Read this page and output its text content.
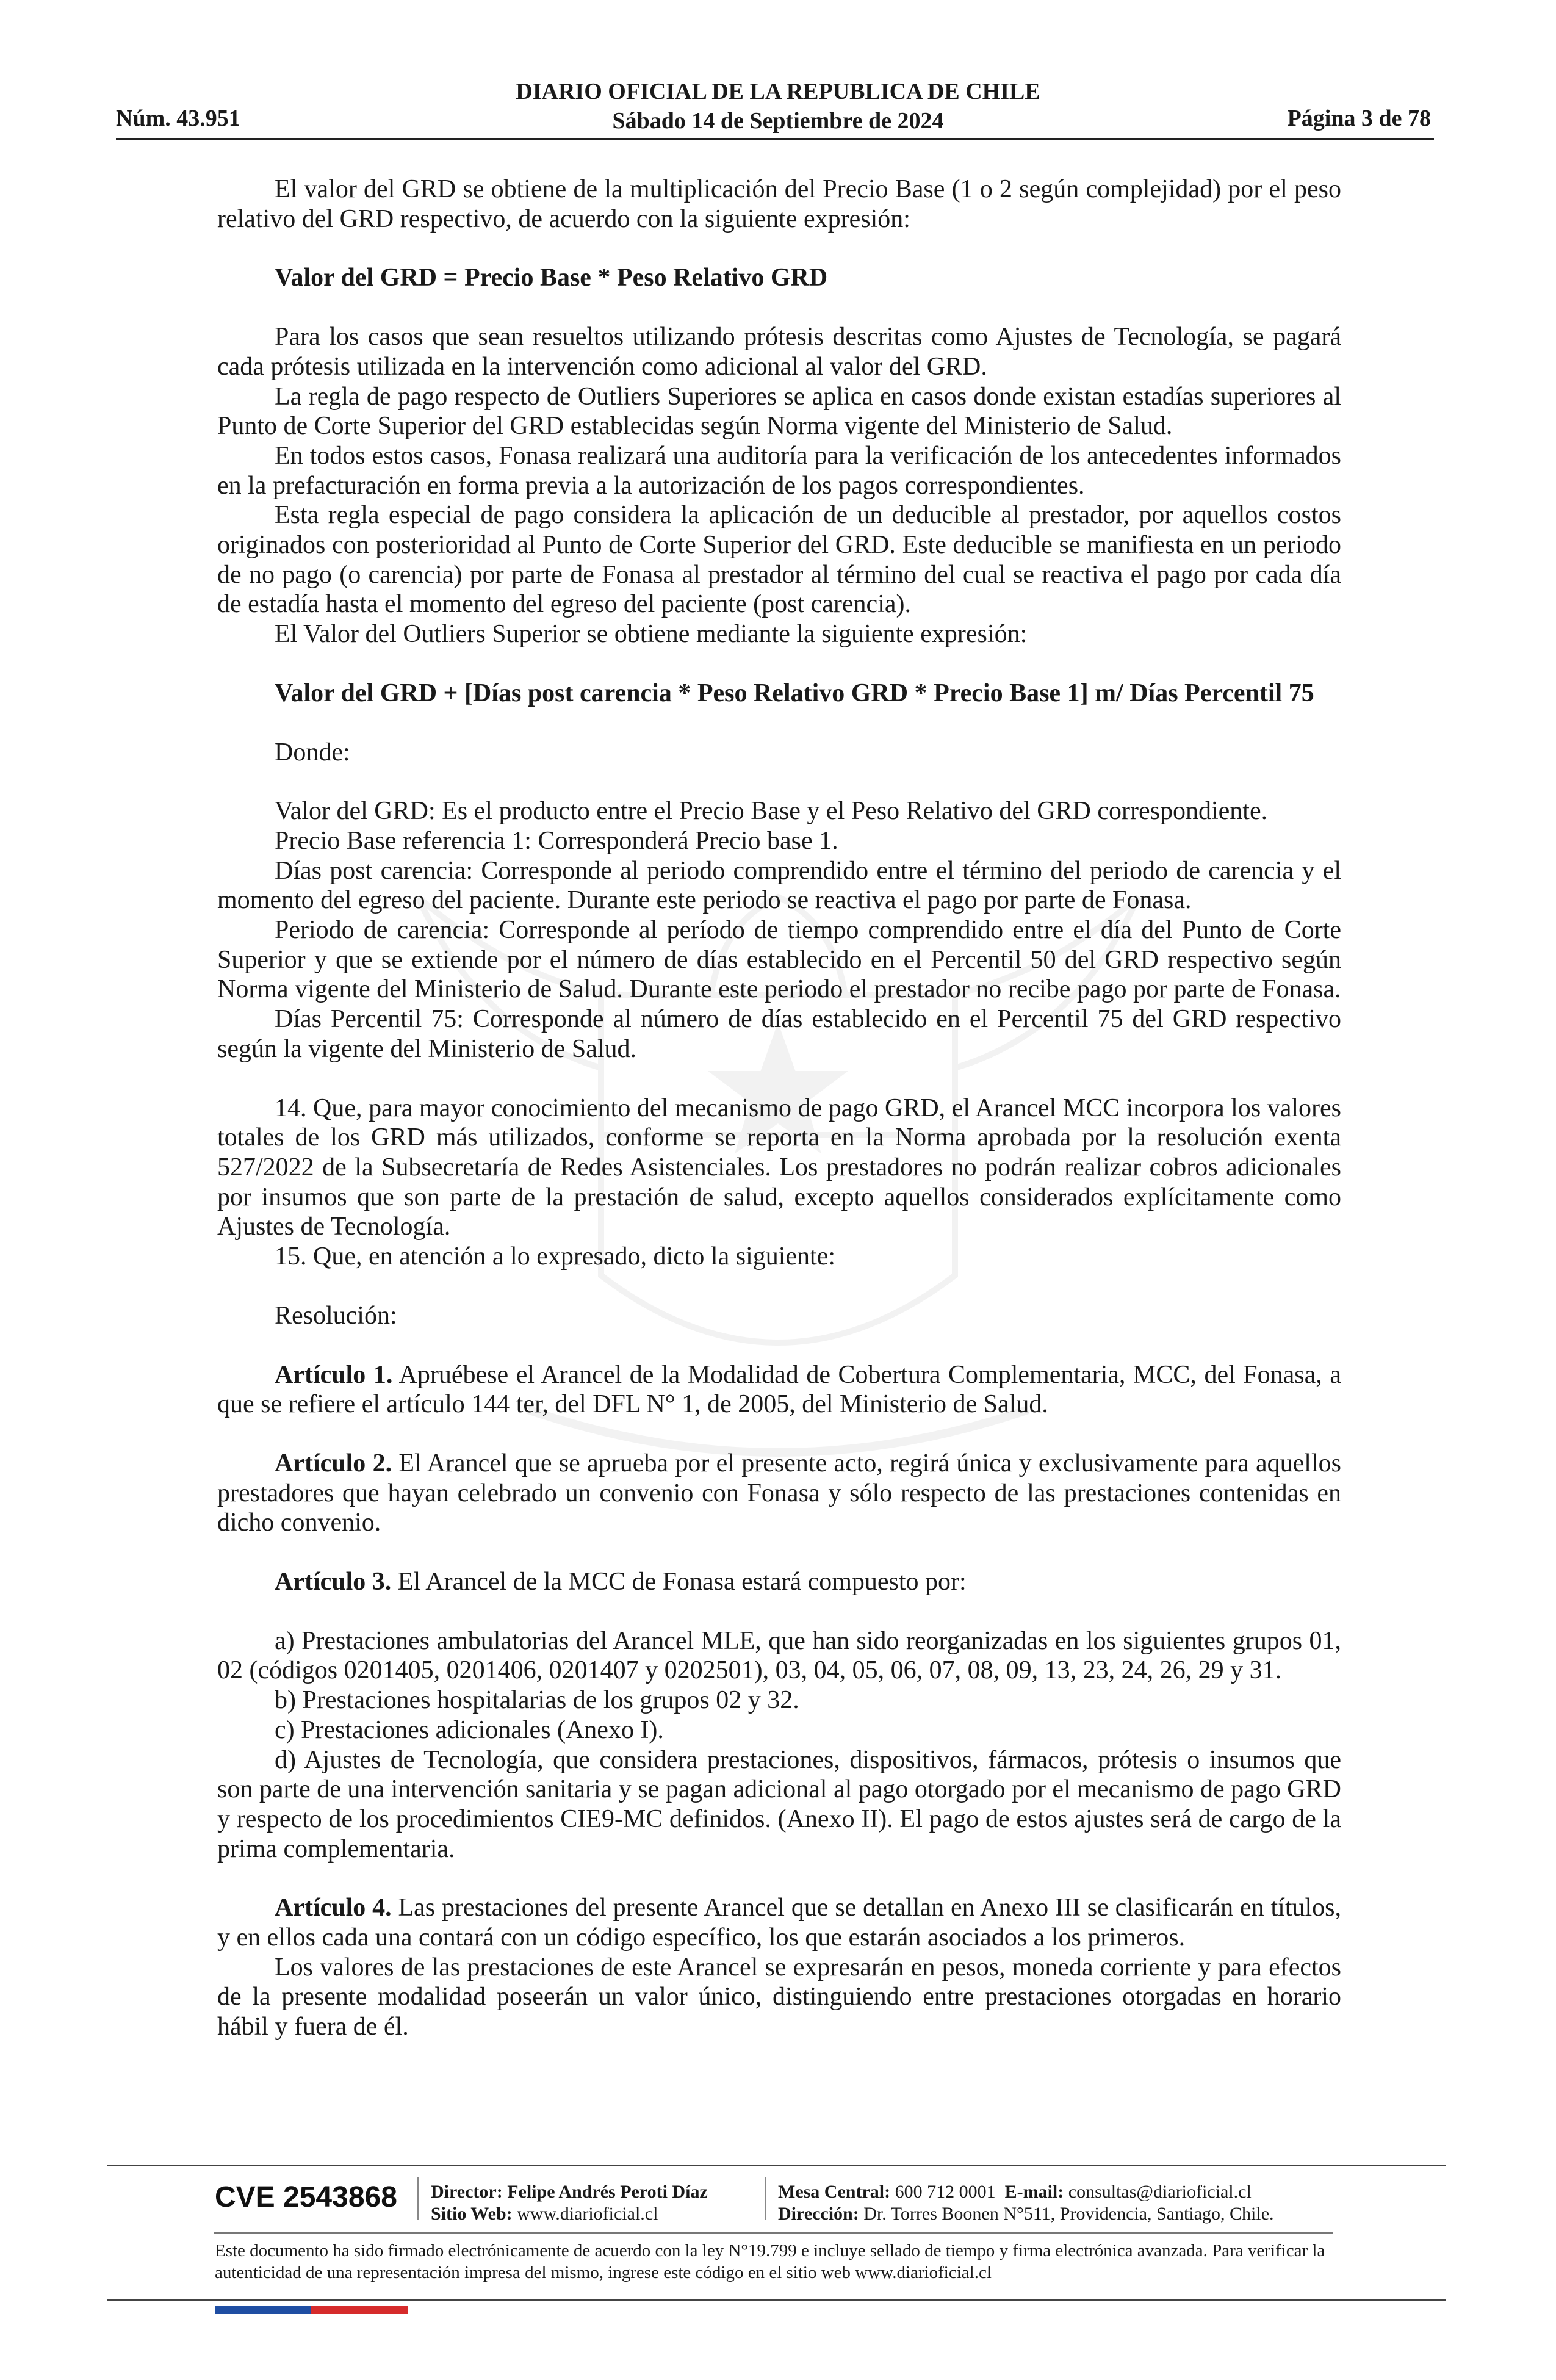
DIARIO OFICIAL DE LA REPUBLICA DE CHILE
Sábado 14 de Septiembre de 2024
Núm. 43.951	Página 3 de 78

El valor del GRD se obtiene de la multiplicación del Precio Base (1 o 2 según complejidad) por el peso relativo del GRD respectivo, de acuerdo con la siguiente expresión:

Valor del GRD = Precio Base * Peso Relativo GRD

Para los casos que sean resueltos utilizando prótesis descritas como Ajustes de Tecnología, se pagará cada prótesis utilizada en la intervención como adicional al valor del GRD.

La regla de pago respecto de Outliers Superiores se aplica en casos donde existan estadías superiores al Punto de Corte Superior del GRD establecidas según Norma vigente del Ministerio de Salud.

En todos estos casos, Fonasa realizará una auditoría para la verificación de los antecedentes informados en la prefacturación en forma previa a la autorización de los pagos correspondientes.

Esta regla especial de pago considera la aplicación de un deducible al prestador, por aquellos costos originados con posterioridad al Punto de Corte Superior del GRD. Este deducible se manifiesta en un periodo de no pago (o carencia) por parte de Fonasa al prestador al término del cual se reactiva el pago por cada día de estadía hasta el momento del egreso del paciente (post carencia).

El Valor del Outliers Superior se obtiene mediante la siguiente expresión:

Valor del GRD + [Días post carencia * Peso Relativo GRD * Precio Base 1] m/ Días Percentil 75

Donde:

Valor del GRD: Es el producto entre el Precio Base y el Peso Relativo del GRD correspondiente.

Precio Base referencia 1: Corresponderá Precio base 1.

Días post carencia: Corresponde al periodo comprendido entre el término del periodo de carencia y el momento del egreso del paciente. Durante este periodo se reactiva el pago por parte de Fonasa.

Periodo de carencia: Corresponde al período de tiempo comprendido entre el día del Punto de Corte Superior y que se extiende por el número de días establecido en el Percentil 50 del GRD respectivo según Norma vigente del Ministerio de Salud. Durante este periodo el prestador no recibe pago por parte de Fonasa.

Días Percentil 75: Corresponde al número de días establecido en el Percentil 75 del GRD respectivo según la vigente del Ministerio de Salud.

14. Que, para mayor conocimiento del mecanismo de pago GRD, el Arancel MCC incorpora los valores totales de los GRD más utilizados, conforme se reporta en la Norma aprobada por la resolución exenta 527/2022 de la Subsecretaría de Redes Asistenciales. Los prestadores no podrán realizar cobros adicionales por insumos que son parte de la prestación de salud, excepto aquellos considerados explícitamente como Ajustes de Tecnología.

15. Que, en atención a lo expresado, dicto la siguiente:

Resolución:

Artículo 1. Apruébese el Arancel de la Modalidad de Cobertura Complementaria, MCC, del Fonasa, a que se refiere el artículo 144 ter, del DFL N° 1, de 2005, del Ministerio de Salud.

Artículo 2. El Arancel que se aprueba por el presente acto, regirá única y exclusivamente para aquellos prestadores que hayan celebrado un convenio con Fonasa y sólo respecto de las prestaciones contenidas en dicho convenio.

Artículo 3. El Arancel de la MCC de Fonasa estará compuesto por:

a) Prestaciones ambulatorias del Arancel MLE, que han sido reorganizadas en los siguientes grupos 01, 02 (códigos 0201405, 0201406, 0201407 y 0202501), 03, 04, 05, 06, 07, 08, 09, 13, 23, 24, 26, 29 y 31.

b) Prestaciones hospitalarias de los grupos 02 y 32.

c) Prestaciones adicionales (Anexo I).

d) Ajustes de Tecnología, que considera prestaciones, dispositivos, fármacos, prótesis o insumos que son parte de una intervención sanitaria y se pagan adicional al pago otorgado por el mecanismo de pago GRD y respecto de los procedimientos CIE9-MC definidos. (Anexo II). El pago de estos ajustes será de cargo de la prima complementaria.

Artículo 4. Las prestaciones del presente Arancel que se detallan en Anexo III se clasificarán en títulos, y en ellos cada una contará con un código específico, los que estarán asociados a los primeros.

Los valores de las prestaciones de este Arancel se expresarán en pesos, moneda corriente y para efectos de la presente modalidad poseerán un valor único, distinguiendo entre prestaciones otorgadas en horario hábil y fuera de él.

CVE 2543868 Director: Felipe Andrés Peroti Díaz
Sitio Web: www.diarioficial.cl
Mesa Central: 600 712 0001 E-mail: consultas@diarioficial.cl
Dirección: Dr. Torres Boonen N°511, Providencia, Santiago, Chile.
Este documento ha sido firmado electrónicamente de acuerdo con la ley N°19.799 e incluye sellado de tiempo y firma electrónica avanzada. Para verificar la autenticidad de una representación impresa del mismo, ingrese este código en el sitio web www.diarioficial.cl
